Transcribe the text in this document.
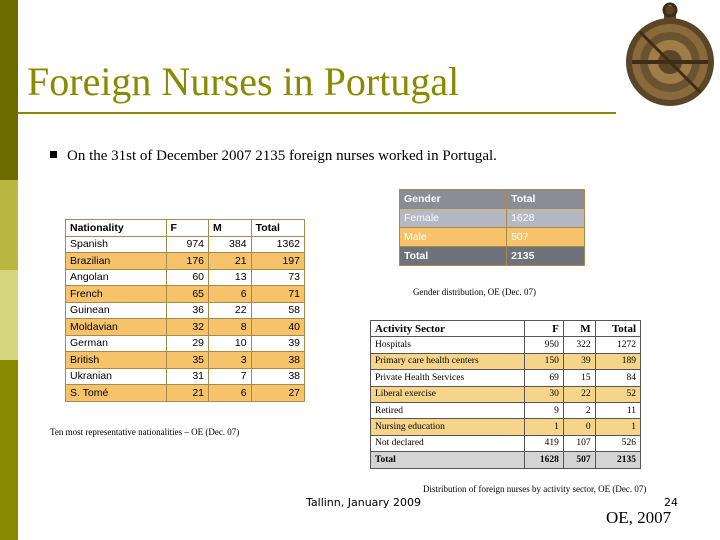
Foreign Nurses in Portugal
On the 31st of December 2007 2135 foreign nurses worked in Portugal.
Nationality	F	M	Total
Spanish	974	384	1362
Brazilian	176	21	197
Angolan	60	13	73
French	65	6	71
Guinean	36	22	58
Moldavian	32	8	40
German	29	10	39
British	35	3	38
Ukranian	31	7	38
S. Tomé	21	6	27
Ten most representative nationalities – OE (Dec. 07)
Gender	Total
Female	1628
Male	507
Total	2135
Gender distribution, OE (Dec. 07)
Activity Sector	F	M	Total
Hospitals	950	322	1272
Primary care health centers	150	39	189
Private Health Services	69	15	84
Liberal exercise	30	22	52
Retired	9	2	11
Nursing education	1	0	1
Not declared	419	107	526
Total	1628	507	2135
Distribution of foreign nurses by activity sector, OE (Dec. 07)
Tallinn, January 2009	24
OE, 2007
